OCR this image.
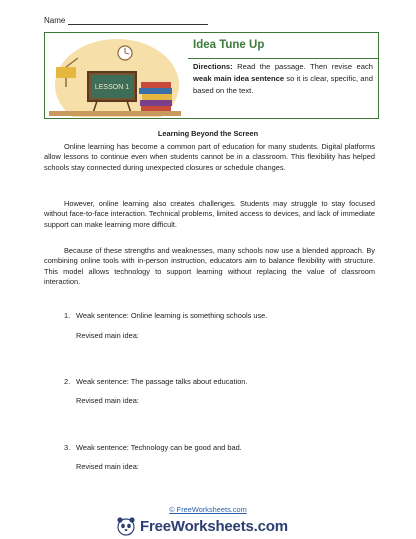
Name
LESSON 1
Idea Tune Up
Directions: Read the passage. Then revise each weak main idea sentence so it is clear, specific, and based on the text.
Learning Beyond the Screen

Online learning has become a common part of education for many students. Digital platforms allow lessons to continue even when students cannot be in a classroom. This flexibility has helped schools stay connected during unexpected closures or schedule changes.

However, online learning also creates challenges. Students may struggle to stay focused without face-to-face interaction. Technical problems, limited access to devices, and lack of immediate support can make learning more difficult.

Because of these strengths and weaknesses, many schools now use a blended approach. By combining online tools with in-person instruction, educators aim to balance flexibility with structure. This model allows technology to support learning without replacing the value of classroom interaction.

1. Weak sentence: Online learning is something schools use.
Revised main idea:
2. Weak sentence: The passage talks about education.
Revised main idea:
3. Weak sentence: Technology can be good and bad.
Revised main idea:
© FreeWorksheets.com
FreeWorksheets.com
